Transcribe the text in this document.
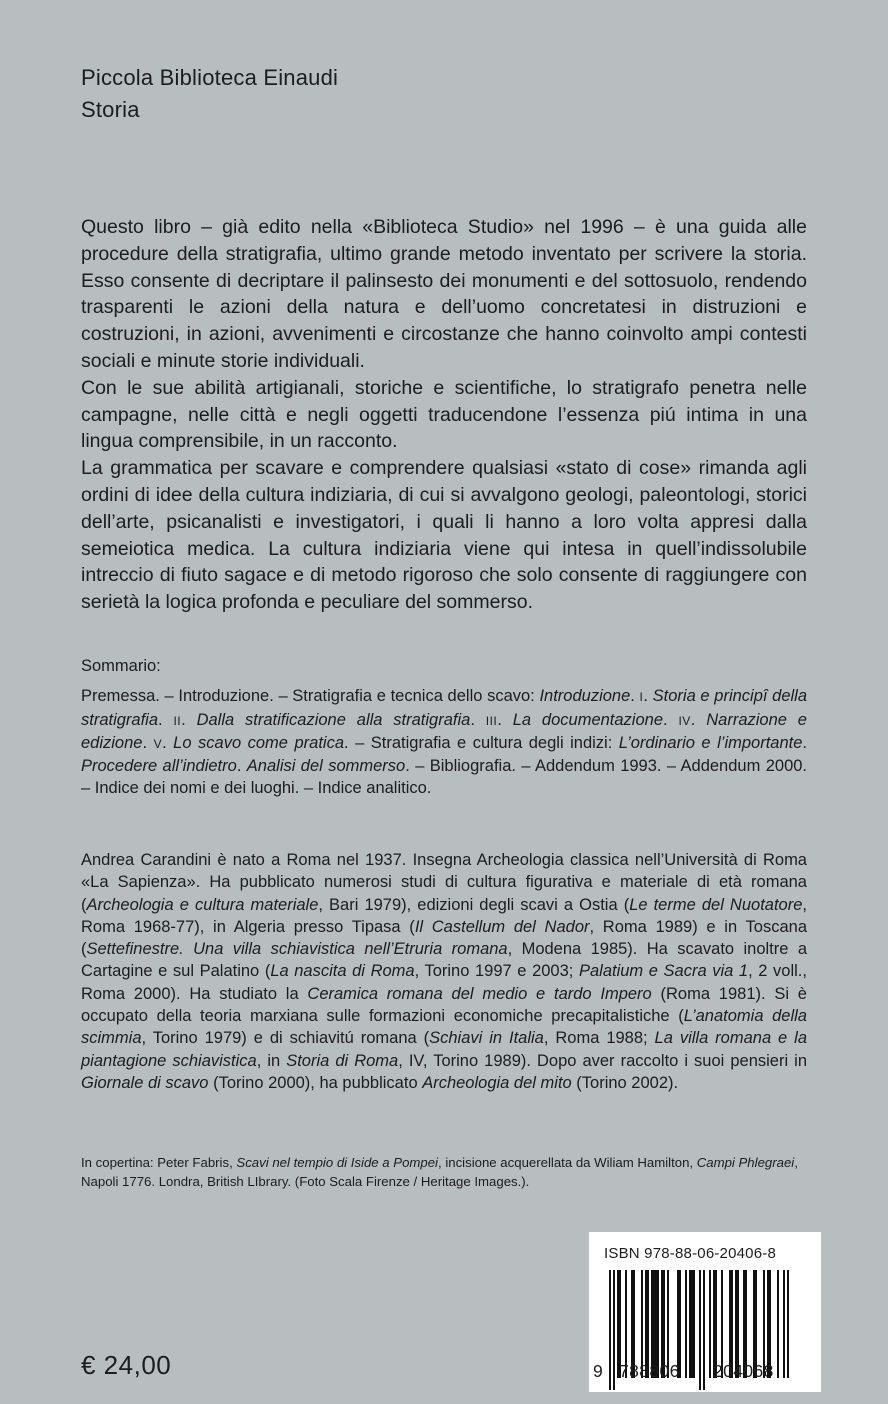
Piccola Biblioteca Einaudi
Storia

Questo libro – già edito nella «Biblioteca Studio» nel 1996 – è una guida alle procedure della stratigrafia, ultimo grande metodo inventato per scrivere la storia. Esso consente di decriptare il palinsesto dei monumenti e del sottosuolo, rendendo trasparenti le azioni della natura e dell’uomo concretatesi in distruzioni e costruzioni, in azioni, avvenimenti e circostanze che hanno coinvolto ampi contesti sociali e minute storie individuali.

Con le sue abilità artigianali, storiche e scientifiche, lo stratigrafo penetra nelle campagne, nelle città e negli oggetti traducendone l’essenza piú intima in una lingua comprensibile, in un racconto.

La grammatica per scavare e comprendere qualsiasi «stato di cose» rimanda agli ordini di idee della cultura indiziaria, di cui si avvalgono geologi, paleontologi, storici dell’arte, psicanalisti e investigatori, i quali li hanno a loro volta appresi dalla semeiotica medica. La cultura indiziaria viene qui intesa in quell’indissolubile intreccio di fiuto sagace e di metodo rigoroso che solo consente di raggiungere con serietà la logica profonda e peculiare del sommerso.

Sommario:

Premessa. – Introduzione. – Stratigrafia e tecnica dello scavo: Introduzione. I. Storia e principî della stratigrafia. II. Dalla stratificazione alla stratigrafia. III. La documentazione. IV. Narrazione e edizione. V. Lo scavo come pratica. – Stratigrafia e cultura degli indizi: L’ordinario e l’importante. Procedere all’indietro. Analisi del sommerso. – Bibliografia. – Addendum 1993. – Addendum 2000. – Indice dei nomi e dei luoghi. – Indice analitico.

Andrea Carandini è nato a Roma nel 1937. Insegna Archeologia classica nell’Università di Roma «La Sapienza». Ha pubblicato numerosi studi di cultura figurativa e materiale di età romana (Archeologia e cultura materiale, Bari 1979), edizioni degli scavi a Ostia (Le terme del Nuotatore, Roma 1968-77), in Algeria presso Tipasa (Il Castellum del Nador, Roma 1989) e in Toscana (Settefinestre. Una villa schiavistica nell’Etruria romana, Modena 1985). Ha scavato inoltre a Cartagine e sul Palatino (La nascita di Roma, Torino 1997 e 2003; Palatium e Sacra via 1, 2 voll., Roma 2000). Ha studiato la Ceramica romana del medio e tardo Impero (Roma 1981). Si è occupato della teoria marxiana sulle formazioni economiche precapitalistiche (L’anatomia della scimmia, Torino 1979) e di schiavitú romana (Schiavi in Italia, Roma 1988; La villa romana e la piantagione schiavistica, in Storia di Roma, IV, Torino 1989). Dopo aver raccolto i suoi pensieri in Giornale di scavo (Torino 2000), ha pubblicato Archeologia del mito (Torino 2002).

In copertina: Peter Fabris, Scavi nel tempio di Iside a Pompei, incisione acquerellata da Wiliam Hamilton, Campi Phlegraei, Napoli 1776. Londra, British LIbrary. (Foto Scala Firenze / Heritage Images.).

€ 24,00
ISBN 978-88-06-20406-8
9 788806 204068
